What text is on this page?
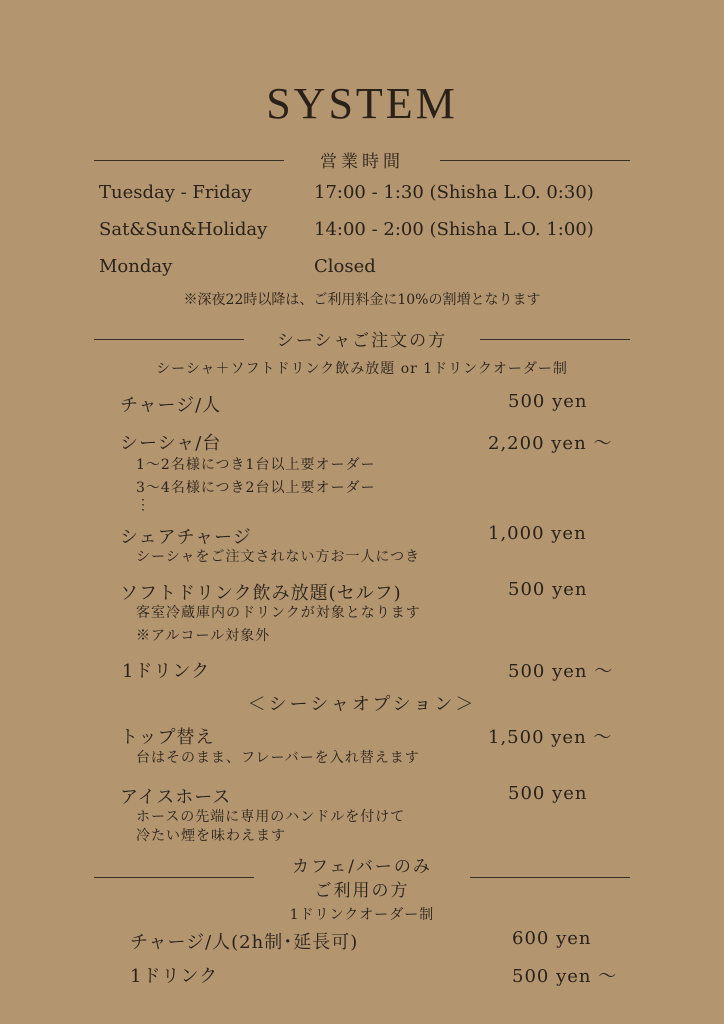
SYSTEM
営業時間
Tuesday - Friday	17:00 - 1:30 (Shisha L.O. 0:30)
Sat&Sun&Holiday	14:00 - 2:00 (Shisha L.O. 1:00)
Monday	Closed
※深夜22時以降は、ご利用料金に10%の割増となります
シーシャご注文の方
シーシャ＋ソフトドリンク飲み放題 or 1ドリンクオーダー制
チャージ/人	500 yen
シーシャ/台	2,200 yen ～
1～2名様につき1台以上要オーダー
3～4名様につき2台以上要オーダー
⋮
シェアチャージ	1,000 yen
シーシャをご注文されない方お一人につき
ソフトドリンク飲み放題(セルフ)	500 yen
客室冷蔵庫内のドリンクが対象となります
※アルコール対象外
1ドリンク	500 yen ～
＜シーシャオプション＞
トップ替え	1,500 yen ～
台はそのまま、フレーバーを入れ替えます
アイスホース	500 yen
ホースの先端に専用のハンドルを付けて
冷たい煙を味わえます
カフェ/バーのみ
ご利用の方
1ドリンクオーダー制
チャージ/人(2h制･延長可)	600 yen
1ドリンク	500 yen ～
